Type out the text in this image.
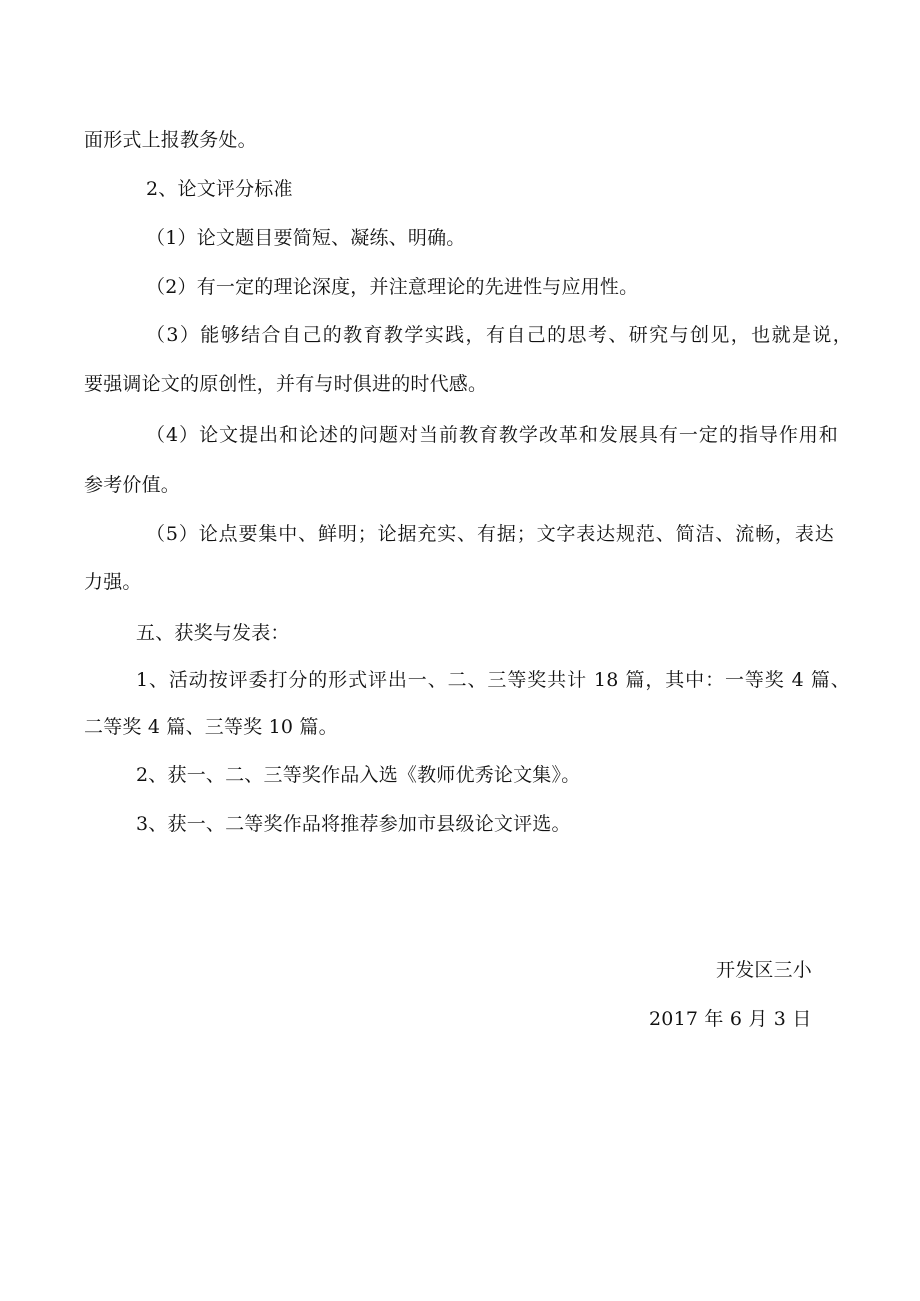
面形式上报教务处。
2、论文评分标准
（1）论文题目要简短、凝练、明确。
（2）有一定的理论深度，并注意理论的先进性与应用性。
（3）能够结合自己的教育教学实践，有自己的思考、研究与创见，也就是说，
要强调论文的原创性，并有与时俱进的时代感。
（4）论文提出和论述的问题对当前教育教学改革和发展具有一定的指导作用和
参考价值。
（5）论点要集中、鲜明；论据充实、有据；文字表达规范、简洁、流畅，表达
力强。
五、获奖与发表：
1、活动按评委打分的形式评出一、二、三等奖共计 18 篇，其中：一等奖 4 篇、
二等奖 4 篇、三等奖 10 篇。
2、获一、二、三等奖作品入选《教师优秀论文集》。
3、获一、二等奖作品将推荐参加市县级论文评选。
开发区三小
2017 年 6 月 3 日
